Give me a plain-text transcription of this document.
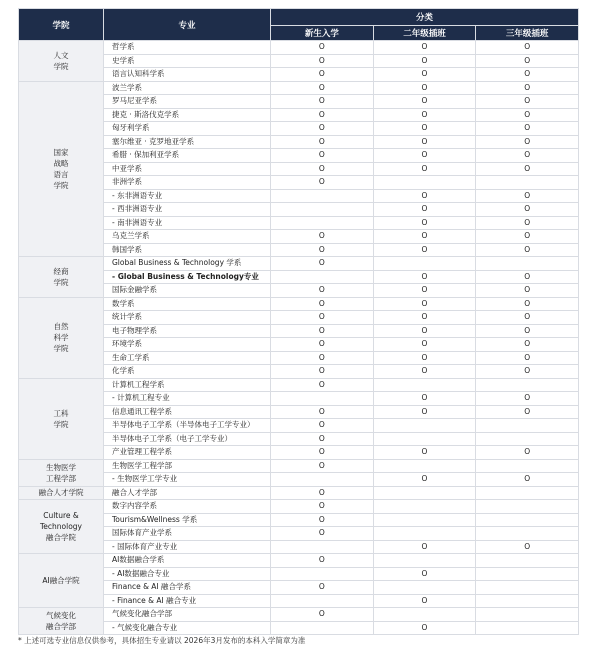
学院	专业	分类		
		新生入学	二年级插班	三年级插班
人文
学院	哲学系	O	O	O
	史学系	O	O	O
	语言认知科学系	O	O	O
国家
战略
语言
学院	波兰学系	O	O	O
	罗马尼亚学系	O	O	O
	捷克 · 斯洛伐克学系	O	O	O
	匈牙利学系	O	O	O
	塞尔维亚 · 克罗地亚学系	O	O	O
	希腊 · 保加利亚学系	O	O	O
	中亚学系	O	O	O
	非洲学系	O		
	- 东非洲语专业		O	O
	- 西非洲语专业		O	O
	- 南非洲语专业		O	O
	乌克兰学系	O	O	O
	韩国学系	O	O	O
经商
学院	Global Business & Technology 学系	O		
	- Global Business & Technology专业		O	O
	国际金融学系	O	O	O
自然
科学
学院	数学系	O	O	O
	统计学系	O	O	O
	电子物理学系	O	O	O
	环境学系	O	O	O
	生命工学系	O	O	O
	化学系	O	O	O
工科
学院	计算机工程学系	O		
	- 计算机工程专业		O	O
	信息通讯工程学系	O	O	O
	半导体电子工学系（半导体电子工学专业）	O		
	半导体电子工学系（电子工学专业）	O		
	产业管理工程学系	O	O	O
生物医学
工程学部	生物医学工程学部	O		
	- 生物医学工学专业		O	O
融合人才学院	融合人才学部	O		
Culture &
Technology
融合学院	数字内容学系	O		
	Tourism&Wellness 学系	O		
	国际体育产业学系	O		
	- 国际体育产业专业		O	O
AI融合学院	AI数据融合学系	O		
	- AI数据融合专业		O	
	Finance & AI 融合学系	O		
	- Finance & AI 融合专业		O	
气候变化
融合学部	气候变化融合学部	O		
	- 气候变化融合专业		O	
* 上述可选专业信息仅供参考，具体招生专业请以 2026年3月发布的本科入学简章为准
